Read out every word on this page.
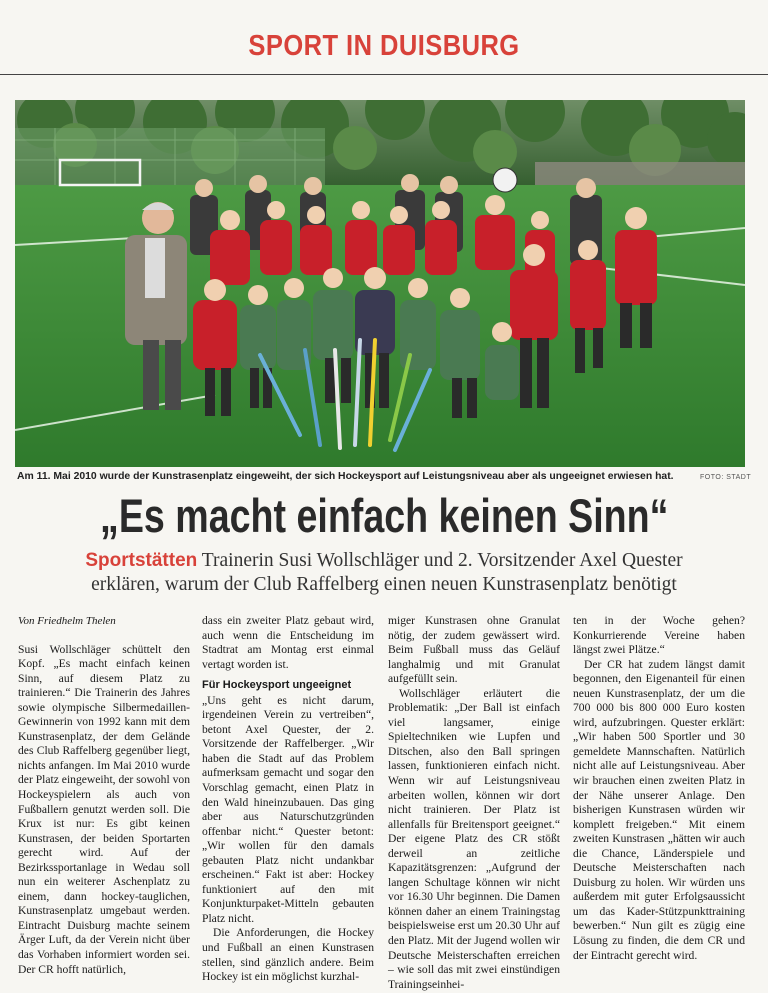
SPORT IN DUISBURG
Am 11. Mai 2010 wurde der Kunstrasenplatz eingeweiht, der sich Hockeysport auf Leistungsniveau aber als ungeeignet erwiesen hat.	FOTO: STADT
„Es macht einfach keinen Sinn“
Sportstätten Trainerin Susi Wollschläger und 2. Vorsitzender Axel Quester
erklären, warum der Club Raffelberg einen neuen Kunstrasenplatz benötigt

Von Friedhelm Thelen

Susi Wollschläger schüttelt den Kopf. „Es macht einfach keinen Sinn, auf diesem Platz zu trainieren.“ Die Trainerin des Jahres sowie olympische Silbermedaillen-Gewinnerin von 1992 kann mit dem Kunstrasenplatz, der dem Gelände des Club Raffelberg gegenüber liegt, nichts anfangen. Im Mai 2010 wurde der Platz eingeweiht, der sowohl von Hockeyspielern als auch von Fußballern genutzt werden soll. Die Krux ist nur: Es gibt keinen Kunstrasen, der beiden Sportarten gerecht wird. Auf der Bezirkssportanlage in Wedau soll nun ein weiterer Aschenplatz zu einem, dann hockey-tauglichen, Kunstrasenplatz umgebaut werden. Eintracht Duisburg machte seinem Ärger Luft, da der Verein nicht über das Vorhaben informiert worden sei. Der CR hofft natürlich,

dass ein zweiter Platz gebaut wird, auch wenn die Entscheidung im Stadtrat am Montag erst einmal vertagt worden ist.

Für Hockeysport ungeeignet

„Uns geht es nicht darum, irgendeinen Verein zu vertreiben“, betont Axel Quester, der 2. Vorsitzende der Raffelberger. „Wir haben die Stadt auf das Problem aufmerksam gemacht und sogar den Vorschlag gemacht, einen Platz in den Wald hineinzubauen. Das ging aber aus Naturschutzgründen offenbar nicht.“ Quester betont: „Wir wollen für den damals gebauten Platz nicht undankbar erscheinen.“ Fakt ist aber: Hockey funktioniert auf den mit Konjunkturpaket-Mitteln gebauten Platz nicht.

Die Anforderungen, die Hockey und Fußball an einen Kunstrasen stellen, sind gänzlich andere. Beim Hockey ist ein möglichst kurzhal-

miger Kunstrasen ohne Granulat nötig, der zudem gewässert wird. Beim Fußball muss das Geläuf langhalmig und mit Granulat aufgefüllt sein.

Wollschläger erläutert die Problematik: „Der Ball ist einfach viel langsamer, einige Spieltechniken wie Lupfen und Ditschen, also den Ball springen lassen, funktionieren einfach nicht. Wenn wir auf Leistungsniveau arbeiten wollen, können wir dort nicht trainieren. Der Platz ist allenfalls für Breitensport geeignet.“ Der eigene Platz des CR stößt derweil an zeitliche Kapazitätsgrenzen: „Aufgrund der langen Schultage können wir nicht vor 16.30 Uhr beginnen. Die Damen können daher an einem Trainingstag beispielsweise erst um 20.30 Uhr auf den Platz. Mit der Jugend wollen wir Deutsche Meisterschaften erreichen – wie soll das mit zwei einstündigen Trainingseinhei-

ten in der Woche gehen? Konkurrierende Vereine haben längst zwei Plätze.“

Der CR hat zudem längst damit begonnen, den Eigenanteil für einen neuen Kunstrasenplatz, der um die 700 000 bis 800 000 Euro kosten wird, aufzubringen. Quester erklärt: „Wir haben 500 Sportler und 30 gemeldete Mannschaften. Natürlich nicht alle auf Leistungsniveau. Aber wir brauchen einen zweiten Platz in der Nähe unserer Anlage. Den bisherigen Kunstrasen würden wir komplett freigeben.“ Mit einem zweiten Kunstrasen „hätten wir auch die Chance, Länderspiele und Deutsche Meisterschaften nach Duisburg zu holen. Wir würden uns außerdem mit guter Erfolgsaussicht um das Kader-Stützpunkttraining bewerben.“ Nun gilt es zügig eine Lösung zu finden, die dem CR und der Eintracht gerecht wird.
